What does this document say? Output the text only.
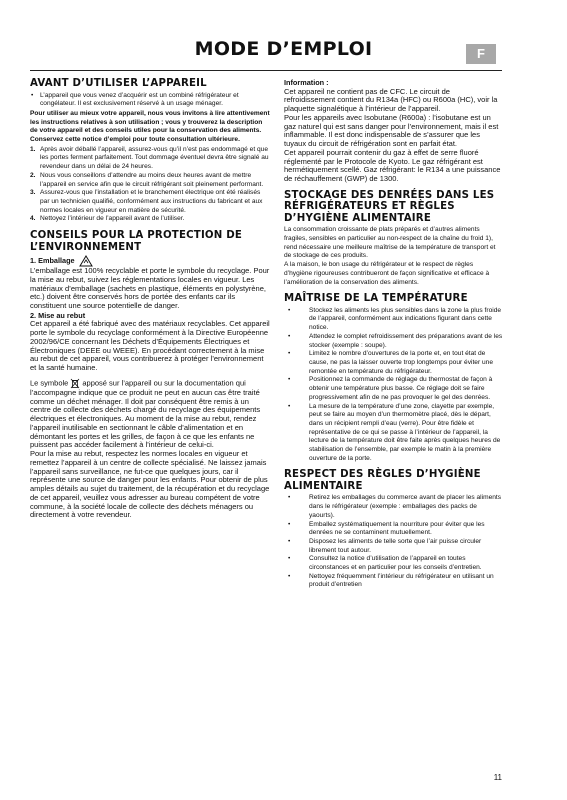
MODE D’EMPLOI	F
AVANT D’UTILISER L’APPAREIL
• L’appareil que vous venez d’acquérir est un combiné réfrigérateur et congélateur. Il est exclusivement réservé à un usage ménager.

Pour utiliser au mieux votre appareil, nous vous invitons à lire attentivement les instructions relatives à son utilisation ; vous y trouverez la description de votre appareil et des conseils utiles pour la conservation des aliments. Conservez cette notice d’emploi pour toute consultation ultérieure.

1. Après avoir déballé l’appareil, assurez-vous qu’il n’est pas endommagé et que les portes ferment parfaitement. Tout dommage éventuel devra être signalé au revendeur dans un délai de 24 heures.
2. Nous vous conseillons d’attendre au moins deux heures avant de mettre l’appareil en service afin que le circuit réfrigérant soit pleinement performant.
3. Assurez-vous que l’installation et le branchement électrique ont été réalisés par un technicien qualifié, conformément aux instructions du fabricant et aux normes locales en vigueur en matière de sécurité.
4. Nettoyez l’intérieur de l’appareil avant de l’utiliser.
CONSEILS POUR LA PROTECTION DE L’ENVIRONNEMENT
1. Emballage

L’emballage est 100% recyclable et porte le symbole du recyclage. Pour la mise au rebut, suivez les réglementations locales en vigueur. Les matériaux d’emballage (sachets en plastique, éléments en polystyrène, etc.) doivent être conservés hors de portée des enfants car ils constituent une source potentielle de danger.

2. Mise au rebut

Cet appareil a été fabriqué avec des matériaux recyclables. Cet appareil porte le symbole du recyclage conformément à la Directive Européenne 2002/96/CE concernant les Déchets d’Équipements Électriques et Électroniques (DEEE ou WEEE). En procédant correctement à la mise au rebut de cet appareil, vous contribuerez à protéger l’environnement et la santé humaine.

Le symbole apposé sur l’appareil ou sur la documentation qui l’accompagne indique que ce produit ne peut en aucun cas être traité comme un déchet ménager. Il doit par conséquent être remis à un centre de collecte des déchets chargé du recyclage des équipements électriques et électroniques. Au moment de la mise au rebut, rendez l’appareil inutilisable en sectionnant le câble d’alimentation et en démontant les portes et les grilles, de façon à ce que les enfants ne puissent pas accéder facilement à l’intérieur de celui-ci.

Pour la mise au rebut, respectez les normes locales en vigueur et remettez l’appareil à un centre de collecte spécialisé. Ne laissez jamais l’appareil sans surveillance, ne fut-ce que quelques jours, car il représente une source de danger pour les enfants. Pour obtenir de plus amples détails au sujet du traitement, de la récupération et du recyclage de cet appareil, veuillez vous adresser au bureau compétent de votre commune, à la société locale de collecte des déchets ménagers ou directement à votre revendeur.

Information :

Cet appareil ne contient pas de CFC. Le circuit de refroidissement contient du R134a (HFC) ou R600a (HC), voir la plaquette signalétique à l’intérieur de l’appareil.

Pour les appareils avec Isobutane (R600a) : l’isobutane est un gaz naturel qui est sans danger pour l’environnement, mais il est inflammable. Il est donc indispensable de s’assurer que les tuyaux du circuit de réfrigération sont en parfait état.

Cet appareil pourrait contenir du gaz à effet de serre fluoré réglementé par le Protocole de Kyoto. Le gaz réfrigérant est hermétiquement scellé. Gaz réfrigérant: le R134 a une puissance de réchauffement (GWP) de 1300.

STOCKAGE DES DENRÉES DANS LES RÉFRIGÉRATEURS ET RÈGLES D’HYGIÈNE ALIMENTAIRE

La consommation croissante de plats préparés et d’autres aliments fragiles, sensibles en particulier au non-respect de la chaîne du froid 1), rend nécessaire une meilleure maîtrise de la température de transport et de stockage de ces produits.

A la maison, le bon usage du réfrigérateur et le respect de règles d’hygiène rigoureuses contribueront de façon significative et efficace à l’amélioration de la conservation des aliments.

MAÎTRISE DE LA TEMPÉRATURE
•	Stockez les aliments les plus sensibles dans la zone la plus froide de l’appareil, conformément aux indications figurant dans cette notice.
•	Attendez le complet refroidissement des préparations avant de les stocker (exemple : soupe).
•	Limitez le nombre d’ouvertures de la porte et, en tout état de cause, ne pas la laisser ouverte trop longtemps pour éviter une remontée en température du réfrigérateur.
•	Positionnez la commande de réglage du thermostat de façon à obtenir une température plus basse. Ce réglage doit se faire progressivement afin de ne pas provoquer le gel des denrées.
•	La mesure de la température d’une zone, clayette par exemple, peut se faire au moyen d’un thermomètre placé, dès le départ, dans un récipient rempli d’eau (verre). Pour être fidèle et représentative de ce qui se passe à l’intérieur de l’appareil, la lecture de la température doit être faite après quelques heures de stabilisation de l’ensemble, par exemple le matin à la première ouverture de la porte.
RESPECT DES RÈGLES D’HYGIÈNE ALIMENTAIRE
•	Retirez les emballages du commerce avant de placer les aliments dans le réfrigérateur (exemple : emballages des packs de yaourts).
•	Emballez systématiquement la nourriture pour éviter que les denrées ne se contaminent mutuellement.
•	Disposez les aliments de telle sorte que l’air puisse circuler librement tout autour.
•	Consultez la notice d’utilisation de l’appareil en toutes circonstances et en particulier pour les conseils d’entretien.
•	Nettoyez fréquemment l’intérieur du réfrigérateur en utilisant un produit d’entretien
11
